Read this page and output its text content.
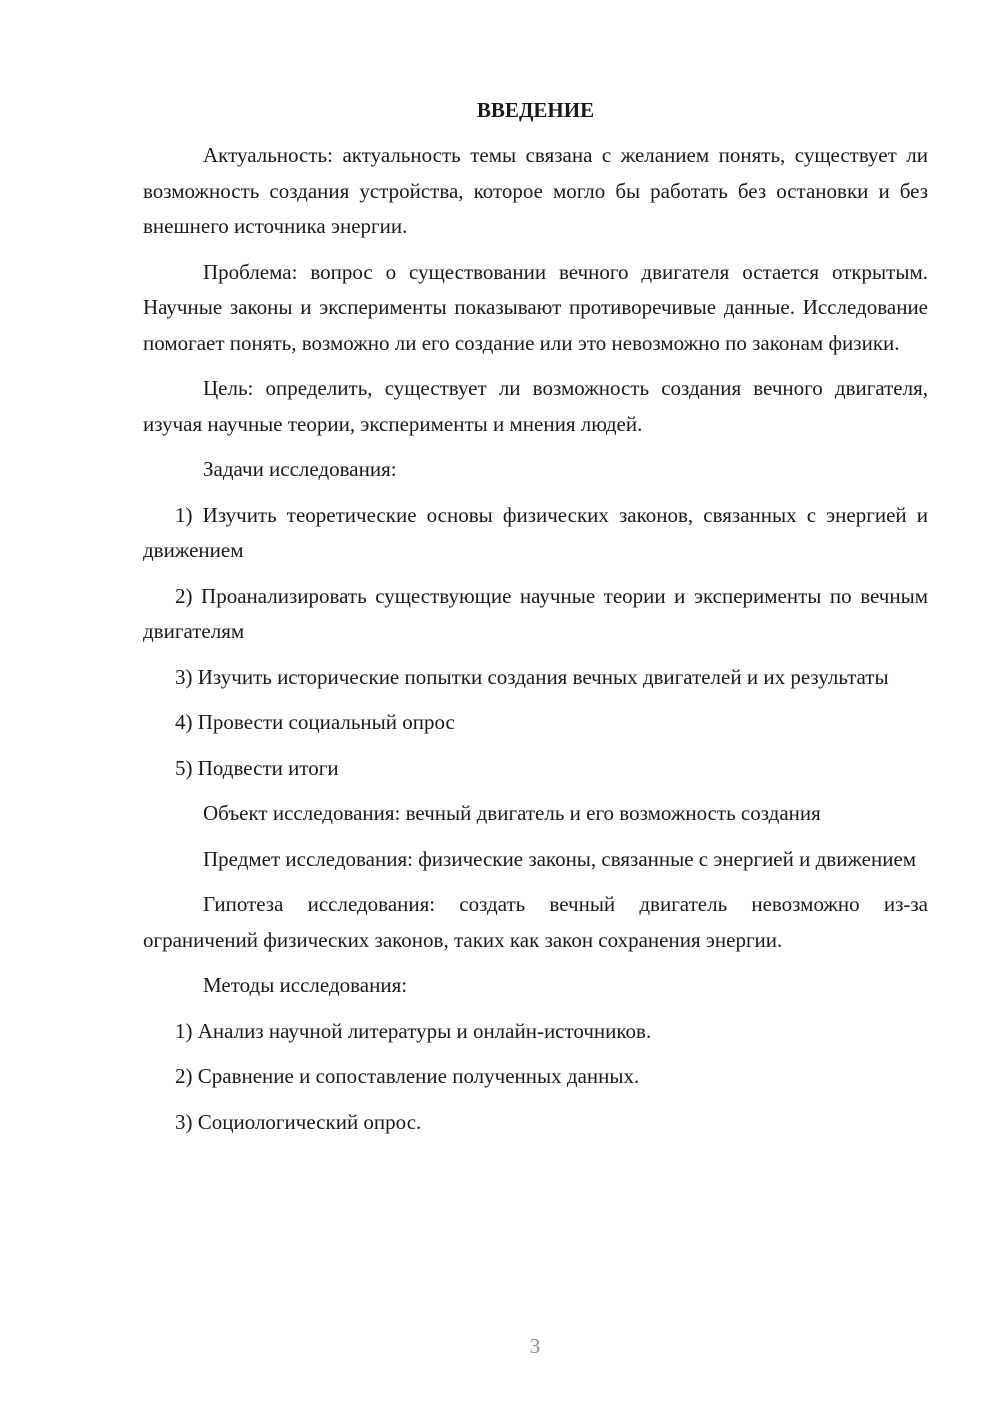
ВВЕДЕНИЕ

Актуальность: актуальность темы связана с желанием понять, существует ли возможность создания устройства, которое могло бы работать без остановки и без внешнего источника энергии.

Проблема: вопрос о существовании вечного двигателя остается открытым. Научные законы и эксперименты показывают противоречивые данные. Исследование помогает понять, возможно ли его создание или это невозможно по законам физики.

Цель: определить, существует ли возможность создания вечного двигателя, изучая научные теории, эксперименты и мнения людей.

Задачи исследования:

1) Изучить теоретические основы физических законов, связанных с энергией и движением

2) Проанализировать существующие научные теории и эксперименты по вечным двигателям

3) Изучить исторические попытки создания вечных двигателей и их результаты

4) Провести социальный опрос

5) Подвести итоги

Объект исследования: вечный двигатель и его возможность создания

Предмет исследования: физические законы, связанные с энергией и движением

Гипотеза исследования: создать вечный двигатель невозможно из-за ограничений физических законов, таких как закон сохранения энергии.

Методы исследования:

1) Анализ научной литературы и онлайн-источников.

2) Сравнение и сопоставление полученных данных.

3) Социологический опрос.

3
